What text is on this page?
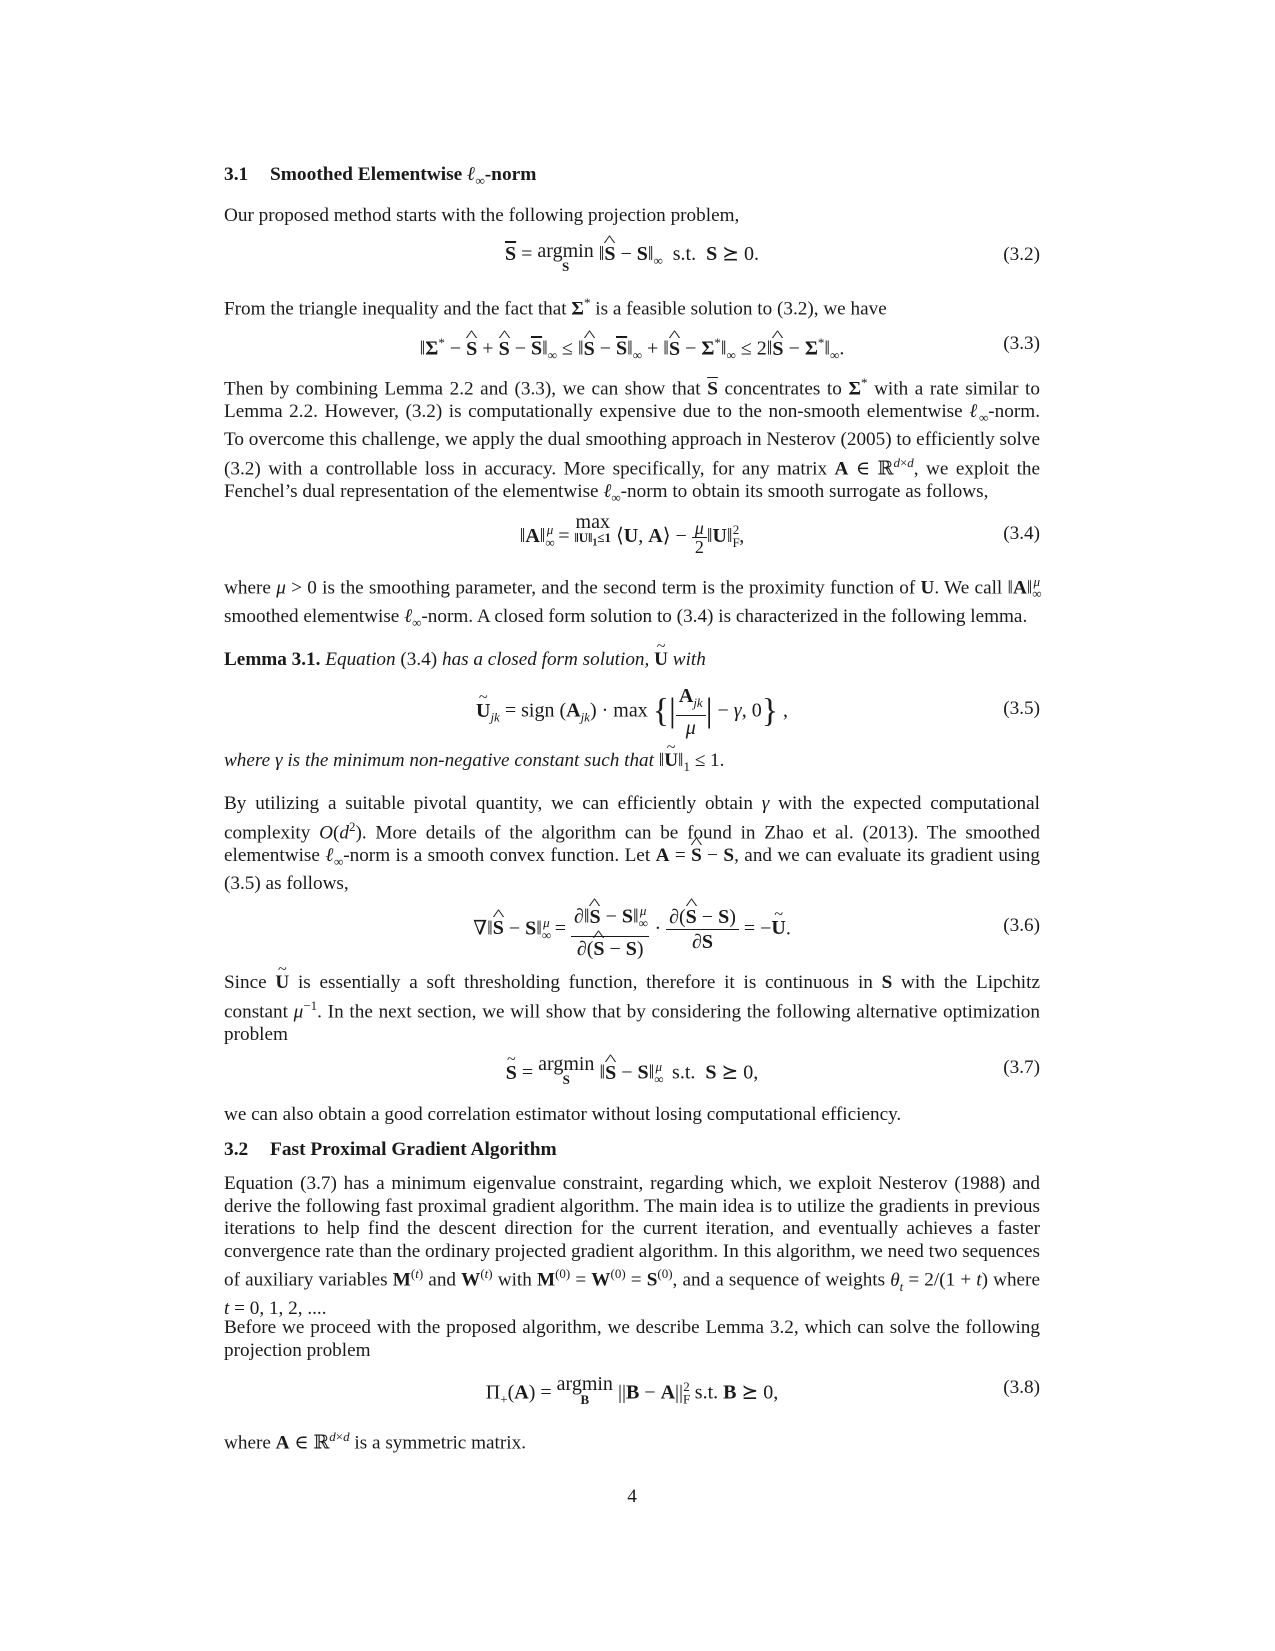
3.1 Smoothed Elementwise ℓ$_\infty$-norm
Our proposed method starts with the following projection problem,
$\overline{S} = argmin$
S
‖^ $S - S‖_\infty$  s.t.  S ⪰ 0.	(3.2)
From the triangle inequality and the fact that Σ* is a feasible solution to (3.2), we have
‖Σ* − ^ S + ^ $S - \overline{S}‖_\infty$ ≤ ‖^ $S - \overline{S}‖_\infty$ + ‖^ $S - \Sigma^*‖_\infty$ ≤ 2‖^ $S - \Sigma^*‖_\infty$.	(3.3)
Then by combining Lemma 2.2 and (3.3), we can show that $\overline{S}$ concentrates to Σ* with a rate similar to Lemma 2.2. However, (3.2) is computationally expensive due to the non-smooth elementwise ℓ$_\infty$-norm. To overcome this challenge, we apply the dual smoothing approach in Nesterov (2005) to efficiently solve (3.2) with a controllable loss in accuracy. More specifically, for any matrix A ∈ ℝ$^{d\times d}$, we exploit the Fenchel’s dual representation of the elementwise ℓ$_\infty$-norm to obtain its smooth surrogate as follows,
$‖A‖_\infty^\mu = \max$
$‖U‖_1\le 1$ ⟨U, A⟩ − $\frac{\mu}{2}$ $‖U‖_F^2$,	(3.4)
where μ > 0 is the smoothing parameter, and the second term is the proximity function of U. We call $‖A‖_\infty^\mu$ smoothed elementwise ℓ$_\infty$-norm. A closed form solution to (3.4) is characterized in the following lemma.
Lemma 3.1. Equation (3.4) has a closed form solution, ~ U with
~ $U_{jk}$ = sign $(A_{jk}) \cdot \max$ {| $\frac{A_{jk}}{\mu}$ | − γ, 0} ,	(3.5)
where γ is the minimum non-negative constant such that ‖~ $U‖_1 \le 1$.
By utilizing a suitable pivotal quantity, we can efficiently obtain γ with the expected computational complexity $O(d^2)$. More details of the algorithm can be found in Zhao et al. (2013). The smoothed elementwise ℓ$_\infty$-norm is a smooth convex function. Let A = ^ S − S, and we can evaluate its gradient using (3.5) as follows,
∇‖^ $S - S‖_\infty^\mu = \frac{\partial‖\^{} S - S‖_\infty^\mu}{\partial(\^{} S - S)} \cdot \frac{\partial(\^{} S - S)}{\partial S}$ = −~ U.	(3.6)
Since ~ U is essentially a soft thresholding function, therefore it is continuous in S with the Lipchitz constant $\mu^{-1}$. In the next section, we will show that by considering the following alternative optimization problem
~ S = argmin
S	‖^ $S - S‖_\infty^\mu$  s.t.  S ⪰ 0,	(3.7)
we can also obtain a good correlation estimator without losing computational efficiency.
3.2 Fast Proximal Gradient Algorithm
Equation (3.7) has a minimum eigenvalue constraint, regarding which, we exploit Nesterov (1988) and derive the following fast proximal gradient algorithm. The main idea is to utilize the gradients in previous iterations to help find the descent direction for the current iteration, and eventually achieves a faster convergence rate than the ordinary projected gradient algorithm. In this algorithm, we need two sequences of auxiliary variables $M^{(t)}$ and $W^{(t)}$ with $M^{(0)} = W^{(0)} = S^{(0)}$, and a sequence of weights $\theta_t = 2/(1 + t)$ where t = 0, 1, 2, ....
Before we proceed with the proposed algorithm, we describe Lemma 3.2, which can solve the following projection problem
$\Pi_+(A) = argmin$
B	$||B - A||_F^2$ s.t. B ⪰ 0,	(3.8)
where A ∈ ℝ$^{d\times d}$ is a symmetric matrix.
4
